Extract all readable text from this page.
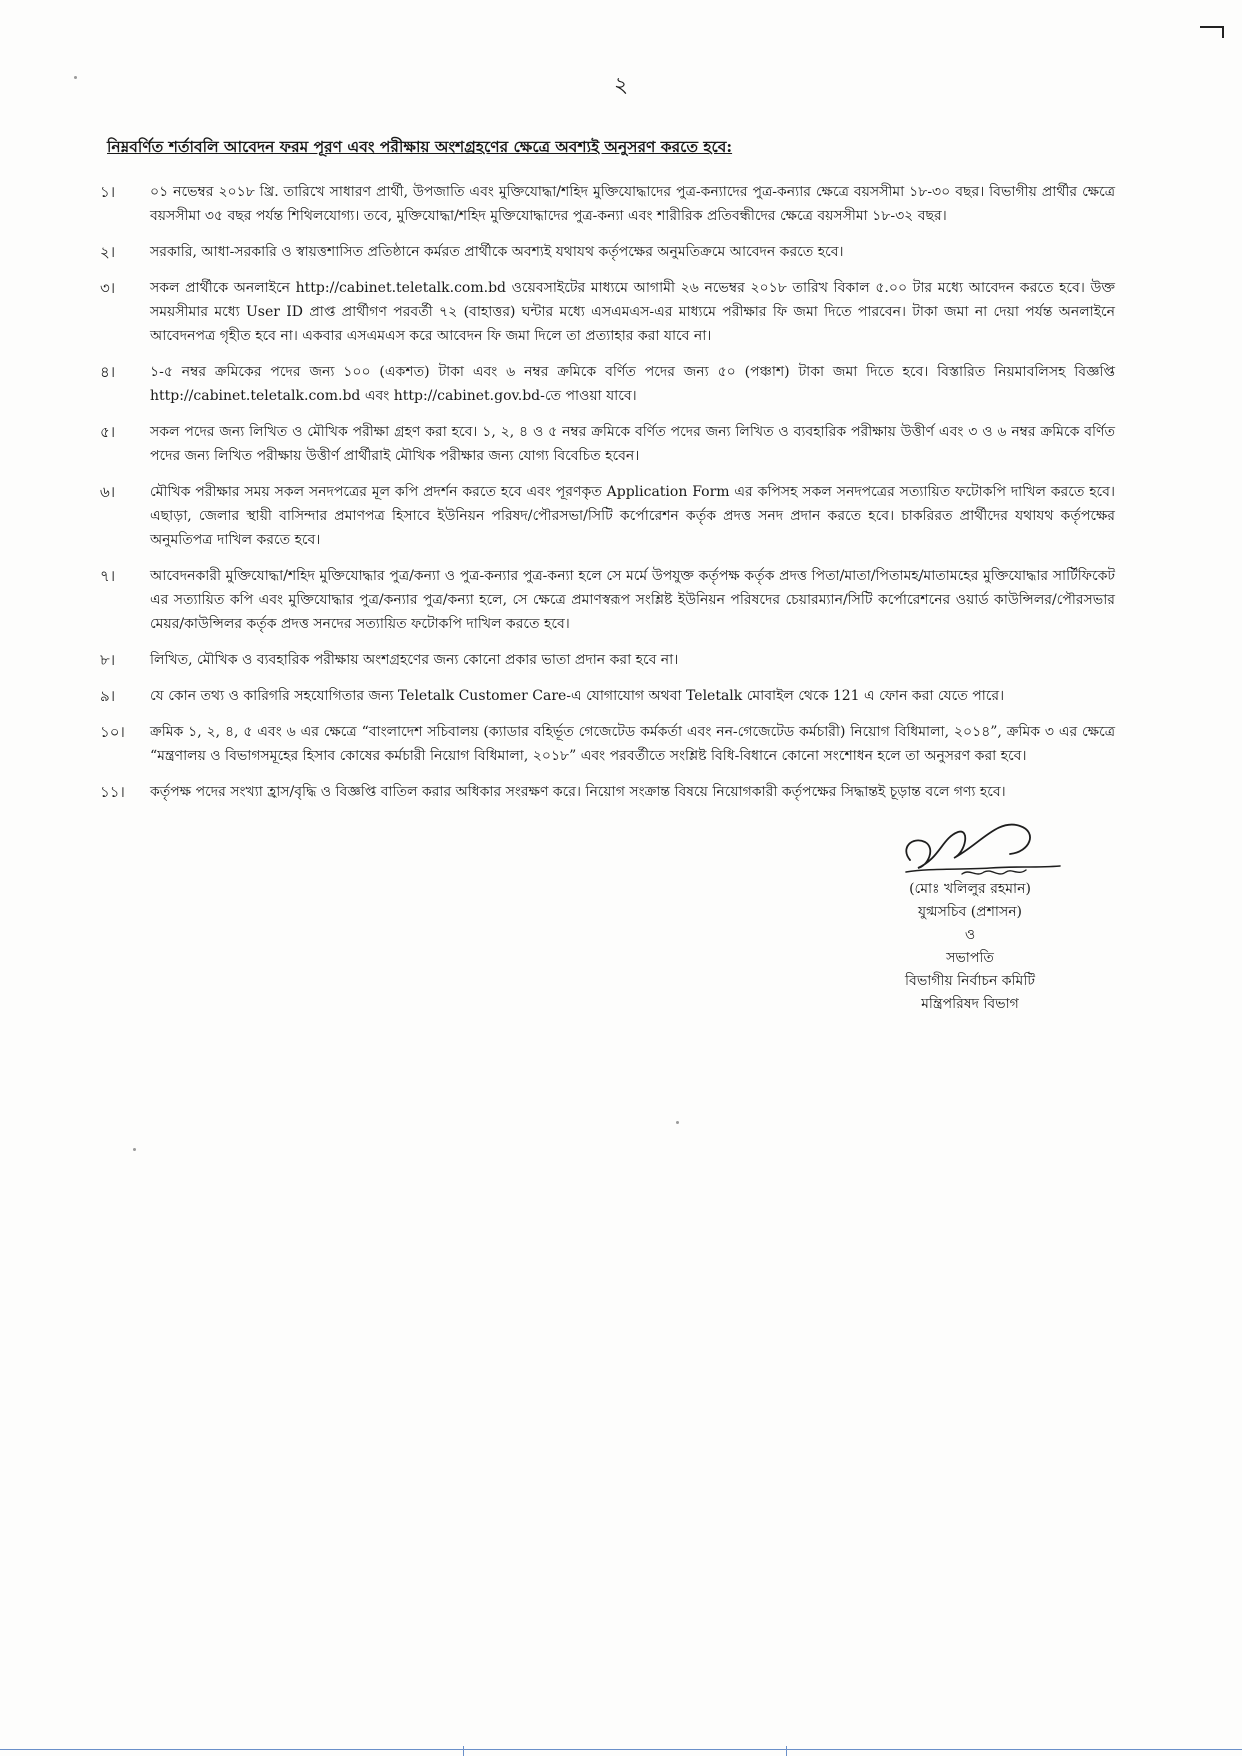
২
নিম্নবর্ণিত শর্তাবলি আবেদন ফরম পূরণ এবং পরীক্ষায় অংশগ্রহণের ক্ষেত্রে অবশ্যই অনুসরণ করতে হবে:
১।	০১ নভেম্বর ২০১৮ খ্রি. তারিখে সাধারণ প্রার্থী, উপজাতি এবং মুক্তিযোদ্ধা/শহিদ মুক্তিযোদ্ধাদের পুত্র-কন্যাদের পুত্র-কন্যার ক্ষেত্রে বয়সসীমা ১৮-৩০ বছর। বিভাগীয় প্রার্থীর ক্ষেত্রে বয়সসীমা ৩৫ বছর পর্যন্ত শিথিলযোগ্য। তবে, মুক্তিযোদ্ধা/শহিদ মুক্তিযোদ্ধাদের পুত্র-কন্যা এবং শারীরিক প্রতিবন্ধীদের ক্ষেত্রে বয়সসীমা ১৮-৩২ বছর।
২।	সরকারি, আধা-সরকারি ও স্বায়ত্তশাসিত প্রতিষ্ঠানে কর্মরত প্রার্থীকে অবশ্যই যথাযথ কর্তৃপক্ষের অনুমতিক্রমে আবেদন করতে হবে।
৩।	সকল প্রার্থীকে অনলাইনে http://cabinet.teletalk.com.bd ওয়েবসাইটের মাধ্যমে আগামী ২৬ নভেম্বর ২০১৮ তারিখ বিকাল ৫.০০ টার মধ্যে আবেদন করতে হবে। উক্ত সময়সীমার মধ্যে User ID প্রাপ্ত প্রার্থীগণ পরবর্তী ৭২ (বাহাত্তর) ঘন্টার মধ্যে এসএমএস-এর মাধ্যমে পরীক্ষার ফি জমা দিতে পারবেন। টাকা জমা না দেয়া পর্যন্ত অনলাইনে আবেদনপত্র গৃহীত হবে না। একবার এসএমএস করে আবেদন ফি জমা দিলে তা প্রত্যাহার করা যাবে না।
৪।	১-৫ নম্বর ক্রমিকের পদের জন্য ১০০ (একশত) টাকা এবং ৬ নম্বর ক্রমিকে বর্ণিত পদের জন্য ৫০ (পঞ্চাশ) টাকা জমা দিতে হবে। বিস্তারিত নিয়মাবলিসহ বিজ্ঞপ্তি http://cabinet.teletalk.com.bd এবং http://cabinet.gov.bd-তে পাওয়া যাবে।
৫।	সকল পদের জন্য লিখিত ও মৌখিক পরীক্ষা গ্রহণ করা হবে। ১, ২, ৪ ও ৫ নম্বর ক্রমিকে বর্ণিত পদের জন্য লিখিত ও ব্যবহারিক পরীক্ষায় উত্তীর্ণ এবং ৩ ও ৬ নম্বর ক্রমিকে বর্ণিত পদের জন্য লিখিত পরীক্ষায় উত্তীর্ণ প্রার্থীরাই মৌখিক পরীক্ষার জন্য যোগ্য বিবেচিত হবেন।
৬।	মৌখিক পরীক্ষার সময় সকল সনদপত্রের মূল কপি প্রদর্শন করতে হবে এবং পূরণকৃত Application Form এর কপিসহ সকল সনদপত্রের সত্যায়িত ফটোকপি দাখিল করতে হবে। এছাড়া, জেলার স্থায়ী বাসিন্দার প্রমাণপত্র হিসাবে ইউনিয়ন পরিষদ/পৌরসভা/সিটি কর্পোরেশন কর্তৃক প্রদত্ত সনদ প্রদান করতে হবে। চাকরিরত প্রার্থীদের যথাযথ কর্তৃপক্ষের অনুমতিপত্র দাখিল করতে হবে।
৭।	আবেদনকারী মুক্তিযোদ্ধা/শহিদ মুক্তিযোদ্ধার পুত্র/কন্যা ও পুত্র-কন্যার পুত্র-কন্যা হলে সে মর্মে উপযুক্ত কর্তৃপক্ষ কর্তৃক প্রদত্ত পিতা/মাতা/পিতামহ/মাতামহের মুক্তিযোদ্ধার সার্টিফিকেট এর সত্যায়িত কপি এবং মুক্তিযোদ্ধার পুত্র/কন্যার পুত্র/কন্যা হলে, সে ক্ষেত্রে প্রমাণস্বরূপ সংশ্লিষ্ট ইউনিয়ন পরিষদের চেয়ারম্যান/সিটি কর্পোরেশনের ওয়ার্ড কাউন্সিলর/পৌরসভার মেয়র/কাউন্সিলর কর্তৃক প্রদত্ত সনদের সত্যায়িত ফটোকপি দাখিল করতে হবে।
৮।	লিখিত, মৌখিক ও ব্যবহারিক পরীক্ষায় অংশগ্রহণের জন্য কোনো প্রকার ভাতা প্রদান করা হবে না।
৯।	যে কোন তথ্য ও কারিগরি সহযোগিতার জন্য Teletalk Customer Care-এ যোগাযোগ অথবা Teletalk মোবাইল থেকে 121 এ ফোন করা যেতে পারে।
১০।	ক্রমিক ১, ২, ৪, ৫ এবং ৬ এর ক্ষেত্রে “বাংলাদেশ সচিবালয় (ক্যাডার বহির্ভূত গেজেটেড কর্মকর্তা এবং নন-গেজেটেড কর্মচারী) নিয়োগ বিধিমালা, ২০১৪”, ক্রমিক ৩ এর ক্ষেত্রে “মন্ত্রণালয় ও বিভাগসমূহের হিসাব কোষের কর্মচারী নিয়োগ বিধিমালা, ২০১৮” এবং পরবর্তীতে সংশ্লিষ্ট বিধি-বিধানে কোনো সংশোধন হলে তা অনুসরণ করা হবে।
১১।	কর্তৃপক্ষ পদের সংখ্যা হ্রাস/বৃদ্ধি ও বিজ্ঞপ্তি বাতিল করার অধিকার সংরক্ষণ করে। নিয়োগ সংক্রান্ত বিষয়ে নিয়োগকারী কর্তৃপক্ষের সিদ্ধান্তই চূড়ান্ত বলে গণ্য হবে।
(মোঃ খলিলুর রহমান)
যুগ্মসচিব (প্রশাসন)
ও
সভাপতি
বিভাগীয় নির্বাচন কমিটি
মন্ত্রিপরিষদ বিভাগ
